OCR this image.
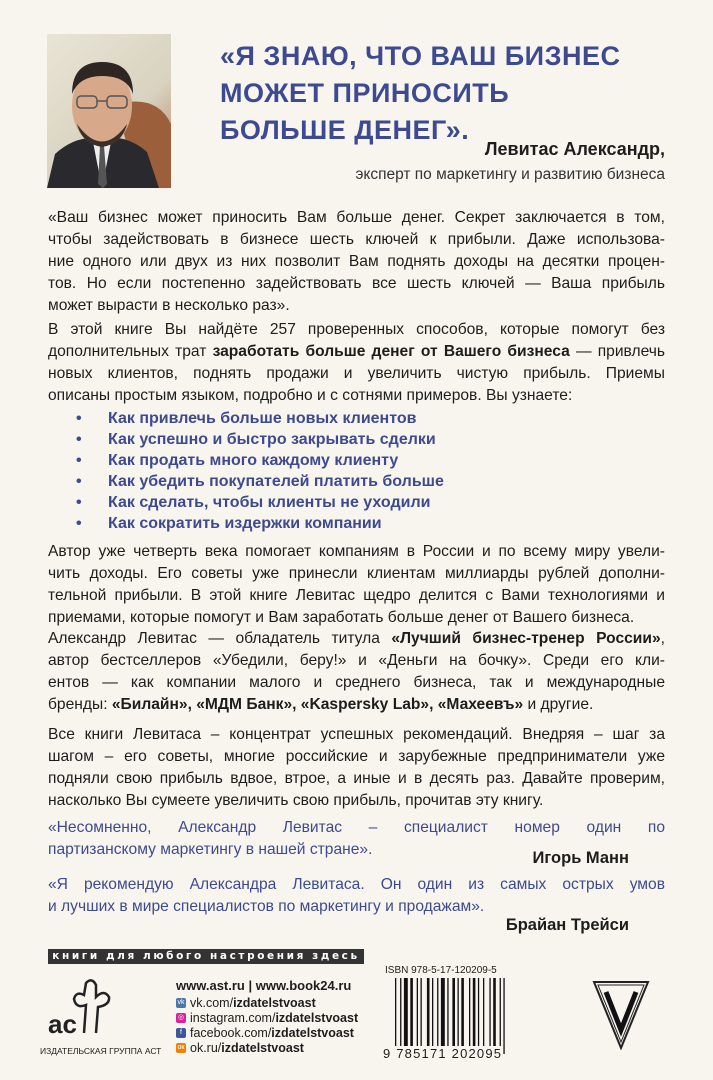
«Я ЗНАЮ, ЧТО ВАШ БИЗНЕС
МОЖЕТ ПРИНОСИТЬ
БОЛЬШЕ ДЕНЕГ».
Левитас Александр,
эксперт по маркетингу и развитию бизнеса
«Ваш бизнес может приносить Вам больше денег. Секрет заключается в том,
чтобы задействовать в бизнесе шесть ключей к прибыли. Даже использова-
ние одного или двух из них позволит Вам поднять доходы на десятки процен-
тов. Но если постепенно задействовать все шесть ключей — Ваша прибыль
может вырасти в несколько раз».
В этой книге Вы найдёте 257 проверенных способов, которые помогут без
дополнительных трат заработать больше денег от Вашего бизнеса — привлечь
новых клиентов, поднять продажи и увеличить чистую прибыль. Приемы
описаны простым языком, подробно и с сотнями примеров. Вы узнаете:
• Как привлечь больше новых клиентов
• Как успешно и быстро закрывать сделки
• Как продать много каждому клиенту
• Как убедить покупателей платить больше
• Как сделать, чтобы клиенты не уходили
• Как сократить издержки компании
Автор уже четверть века помогает компаниям в России и по всему миру увели-
чить доходы. Его советы уже принесли клиентам миллиарды рублей дополни-
тельной прибыли. В этой книге Левитас щедро делится с Вами технологиями и
приемами, которые помогут и Вам заработать больше денег от Вашего бизнеса.
Александр Левитас — обладатель титула «Лучший бизнес-тренер России»,
автор бестселлеров «Убедили, беру!» и «Деньги на бочку». Среди его кли-
ентов — как компании малого и среднего бизнеса, так и международные
бренды: «Билайн», «МДМ Банк», «Kaspersky Lab», «Махеевъ» и другие.
Все книги Левитаса – концентрат успешных рекомендаций. Внедряя – шаг за
шагом – его советы, многие российские и зарубежные предприниматели уже
подняли свою прибыль вдвое, втрое, а иные и в десять раз. Давайте проверим,
насколько Вы сумеете увеличить свою прибыль, прочитав эту книгу.
«Несомненно, Александр Левитас – специалист номер один по
партизанскому маркетингу в нашей стране».	Игорь Манн
«Я рекомендую Александра Левитаса. Он один из самых острых умов
и лучших в мире специалистов по маркетингу и продажам».
Брайан Трейси
книги для любого настроения здесь
ac
ИЗДАТЕЛЬСКАЯ ГРУППА АСТ
www.ast.ru | www.book24.ru
vk vk.com/ izdatelstvoast
◎ instagram.com/ izdatelstvoast
f facebook.com/ izdatelstvoast
ок ok.ru/ izdatelstvoast
ISBN 978-5-17-120209-5
9 785171 202095
